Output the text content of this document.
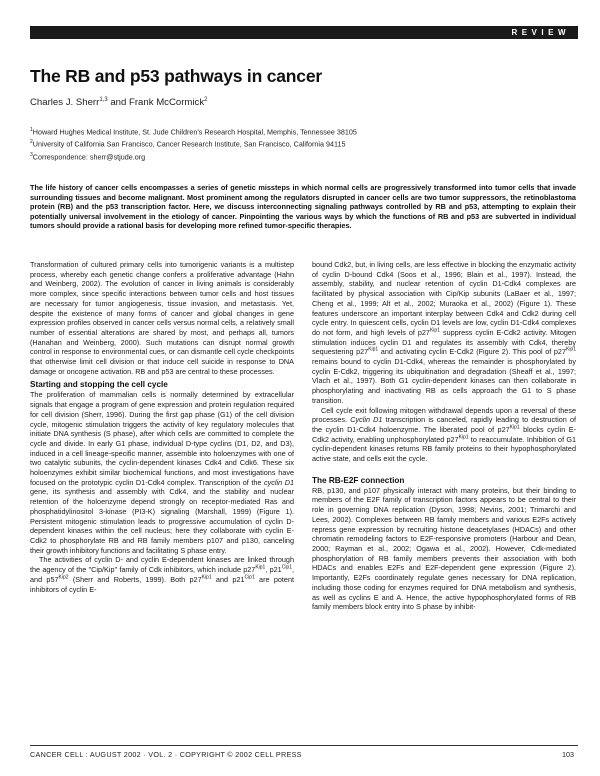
REVIEW
The RB and p53 pathways in cancer
Charles J. Sherr$^{1,3}$ and Frank McCormick$^2$
$^1$Howard Hughes Medical Institute, St. Jude Children's Research Hospital, Memphis, Tennessee 38105
$^2$University of California San Francisco, Cancer Research Institute, San Francisco, California 94115
$^3$Correspondence: sherr@stjude.org

The life history of cancer cells encompasses a series of genetic missteps in which normal cells are progressively transformed into tumor cells that invade surrounding tissues and become malignant. Most prominent among the regulators disrupted in cancer cells are two tumor suppressors, the retinoblastoma protein (RB) and the p53 transcription factor. Here, we discuss interconnecting signaling pathways controlled by RB and p53, attempting to explain their potentially universal involvement in the etiology of cancer. Pinpointing the various ways by which the functions of RB and p53 are subverted in individual tumors should provide a rational basis for developing more refined tumor-specific therapies.

Transformation of cultured primary cells into tumorigenic variants is a multistep process, whereby each genetic change confers a proliferative advantage (Hahn and Weinberg, 2002). The evolution of cancer in living animals is considerably more complex, since specific interactions between tumor cells and host tissues are necessary for tumor angiogenesis, tissue invasion, and metastasis. Yet, despite the existence of many forms of cancer and global changes in gene expression profiles observed in cancer cells versus normal cells, a relatively small number of essential alterations are shared by most, and perhaps all, tumors (Hanahan and Weinberg, 2000). Such mutations can disrupt normal growth control in response to environmental cues, or can dismantle cell cycle checkpoints that otherwise limit cell division or that induce cell suicide in response to DNA damage or oncogene activation. RB and p53 are central to these processes.

Starting and stopping the cell cycle

The proliferation of mammalian cells is normally determined by extracellular signals that engage a program of gene expression and protein regulation required for cell division (Sherr, 1996). During the first gap phase (G1) of the cell division cycle, mitogenic stimulation triggers the activity of key regulatory molecules that initiate DNA synthesis (S phase), after which cells are committed to complete the cycle and divide. In early G1 phase, individual D-type cyclins (D1, D2, and D3), induced in a cell lineage-specific manner, assemble into holoenzymes with one of two catalytic subunits, the cyclin-dependent kinases Cdk4 and Cdk6. These six holoenzymes exhibit similar biochemical functions, and most investigations have focused on the prototypic cyclin D1-Cdk4 complex. Transcription of the cyclin D1 gene, its synthesis and assembly with Cdk4, and the stability and nuclear retention of the holoenzyme depend strongly on receptor-mediated Ras and phosphatidylinositol 3-kinase (PI3-K) signaling (Marshall, 1999) (Figure 1). Persistent mitogenic stimulation leads to progressive accumulation of cyclin D-dependent kinases within the cell nucleus; here they collaborate with cyclin E-Cdk2 to phosphorylate RB and RB family members p107 and p130, canceling their growth inhibitory functions and facilitating S phase entry.

The activities of cyclin D- and cyclin E-dependent kinases are linked through the agency of the "Cip/Kip" family of Cdk inhibitors, which include $p27^{Kip1}$, $p21^{Cip1}$, and $p57^{Kip2}$ (Sherr and Roberts, 1999). Both $p27^{Kip1}$ and $p21^{Cip1}$ are potent inhibitors of cyclin E-

bound Cdk2, but, in living cells, are less effective in blocking the enzymatic activity of cyclin D-bound Cdk4 (Soos et al., 1996; Blain et al., 1997). Instead, the assembly, stability, and nuclear retention of cyclin D1-Cdk4 complexes are facilitated by physical association with Cip/Kip subunits (LaBaer et al., 1997; Cheng et al., 1999; Alt et al., 2002; Muraoka et al., 2002) (Figure 1). These features underscore an important interplay between Cdk4 and Cdk2 during cell cycle entry. In quiescent cells, cyclin D1 levels are low, cyclin D1-Cdk4 complexes do not form, and high levels of $p27^{Kip1}$ suppress cyclin E-Cdk2 activity. Mitogen stimulation induces cyclin D1 and regulates its assembly with Cdk4, thereby sequestering $p27^{Kip1}$ and activating cyclin E-Cdk2 (Figure 2). This pool of $p27^{Kip1}$ remains bound to cyclin D1-Cdk4, whereas the remainder is phosphorylated by cyclin E-Cdk2, triggering its ubiquitination and degradation (Sheaff et al., 1997; Vlach et al., 1997). Both G1 cyclin-dependent kinases can then collaborate in phosphorylating and inactivating RB as cells approach the G1 to S phase transition.

Cell cycle exit following mitogen withdrawal depends upon a reversal of these processes. Cyclin D1 transcription is canceled, rapidly leading to destruction of the cyclin D1-Cdk4 holoenzyme. The liberated pool of $p27^{Kip1}$ blocks cyclin E-Cdk2 activity, enabling unphosphorylated $p27^{Kip1}$ to reaccumulate. Inhibition of G1 cyclin-dependent kinases returns RB family proteins to their hypophosphorylated active state, and cells exit the cycle.

The RB-E2F connection

RB, p130, and p107 physically interact with many proteins, but their binding to members of the E2F family of transcription factors appears to be central to their role in governing DNA replication (Dyson, 1998; Nevins, 2001; Trimarchi and Lees, 2002). Complexes between RB family members and various E2Fs actively repress gene expression by recruiting histone deacetylases (HDACs) and other chromatin remodeling factors to E2F-responsive promoters (Harbour and Dean, 2000; Rayman et al., 2002; Ogawa et al., 2002). However, Cdk-mediated phosphorylation of RB family members prevents their association with both HDACs and enables E2Fs and E2F-dependent gene expression (Figure 2). Importantly, E2Fs coordinately regulate genes necessary for DNA replication, including those coding for enzymes required for DNA metabolism and synthesis, as well as cyclins E and A. Hence, the active hypophosphorylated forms of RB family members block entry into S phase by inhibit-

CANCER CELL : AUGUST 2002 · VOL. 2 · COPYRIGHT © 2002 CELL PRESS	103
